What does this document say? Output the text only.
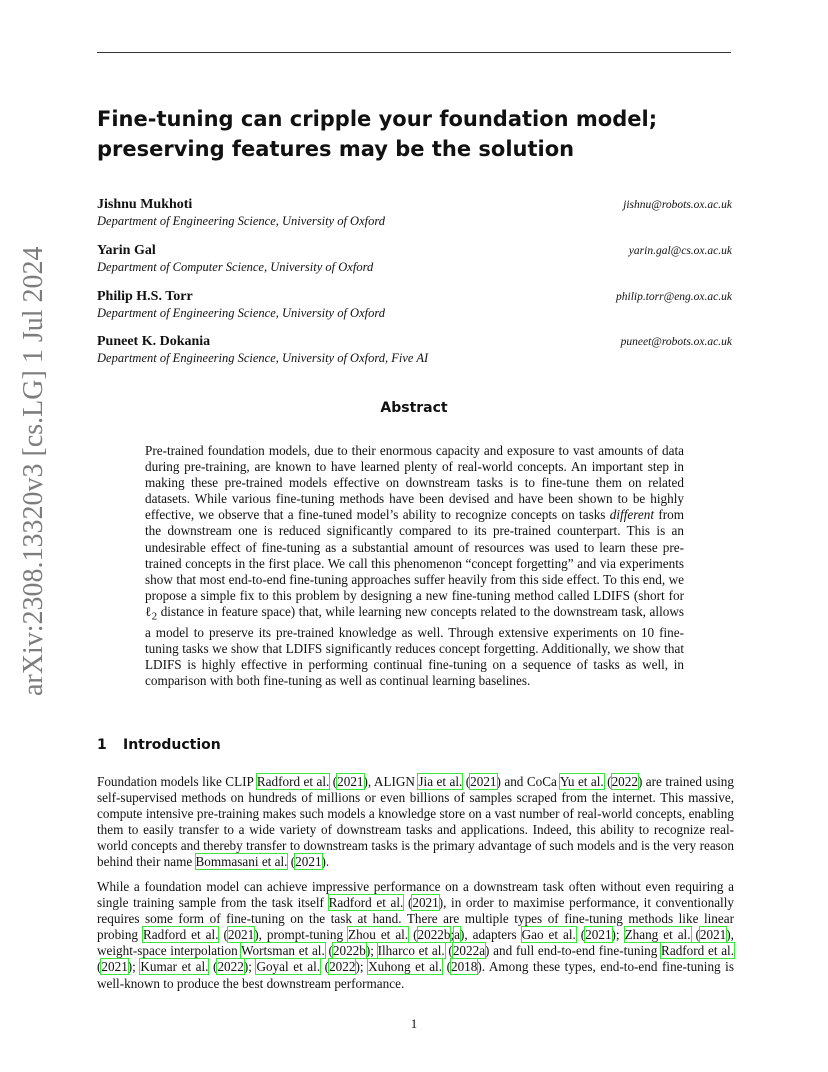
arXiv:2308.13320v3 [cs.LG] 1 Jul 2024
Fine-tuning can cripple your foundation model; preserving features may be the solution
Jishnu Mukhoti
Department of Engineering Science, University of Oxford
jishnu@robots.ox.ac.uk
Yarin Gal
Department of Computer Science, University of Oxford
yarin.gal@cs.ox.ac.uk
Philip H.S. Torr
Department of Engineering Science, University of Oxford
philip.torr@eng.ox.ac.uk
Puneet K. Dokania
Department of Engineering Science, University of Oxford, Five AI
puneet@robots.ox.ac.uk
Abstract
Pre-trained foundation models, due to their enormous capacity and exposure to vast amounts of data during pre-training, are known to have learned plenty of real-world concepts. An important step in making these pre-trained models effective on downstream tasks is to fine-tune them on related datasets. While various fine-tuning methods have been devised and have been shown to be highly effective, we observe that a fine-tuned model’s ability to recognize concepts on tasks different from the downstream one is reduced significantly compared to its pre-trained counterpart. This is an undesirable effect of fine-tuning as a substantial amount of resources was used to learn these pre-trained concepts in the first place. We call this phenomenon “concept forgetting” and via experiments show that most end-to-end fine-tuning approaches suffer heavily from this side effect. To this end, we propose a simple fix to this problem by designing a new fine-tuning method called LDIFS (short for ℓ$_2$ distance in feature space) that, while learning new concepts related to the downstream task, allows a model to preserve its pre-trained knowledge as well. Through extensive experiments on 10 fine-tuning tasks we show that LDIFS significantly reduces concept forgetting. Additionally, we show that LDIFS is highly effective in performing continual fine-tuning on a sequence of tasks as well, in comparison with both fine-tuning as well as continual learning baselines.
1 Introduction
Foundation models like CLIP Radford et al. (2021), ALIGN Jia et al. (2021) and CoCa Yu et al. (2022) are trained using self-supervised methods on hundreds of millions or even billions of samples scraped from the internet. This massive, compute intensive pre-training makes such models a knowledge store on a vast number of real-world concepts, enabling them to easily transfer to a wide variety of downstream tasks and applications. Indeed, this ability to recognize real-world concepts and thereby transfer to downstream tasks is the primary advantage of such models and is the very reason behind their name Bommasani et al. (2021).
While a foundation model can achieve impressive performance on a downstream task often without even requiring a single training sample from the task itself Radford et al. (2021), in order to maximise performance, it conventionally requires some form of fine-tuning on the task at hand. There are multiple types of fine-tuning methods like linear probing Radford et al. (2021), prompt-tuning Zhou et al. (2022b;a), adapters Gao et al. (2021); Zhang et al. (2021), weight-space interpolation Wortsman et al. (2022b); Ilharco et al. (2022a) and full end-to-end fine-tuning Radford et al. (2021); Kumar et al. (2022); Goyal et al. (2022); Xuhong et al. (2018). Among these types, end-to-end fine-tuning is well-known to produce the best downstream performance.
1
